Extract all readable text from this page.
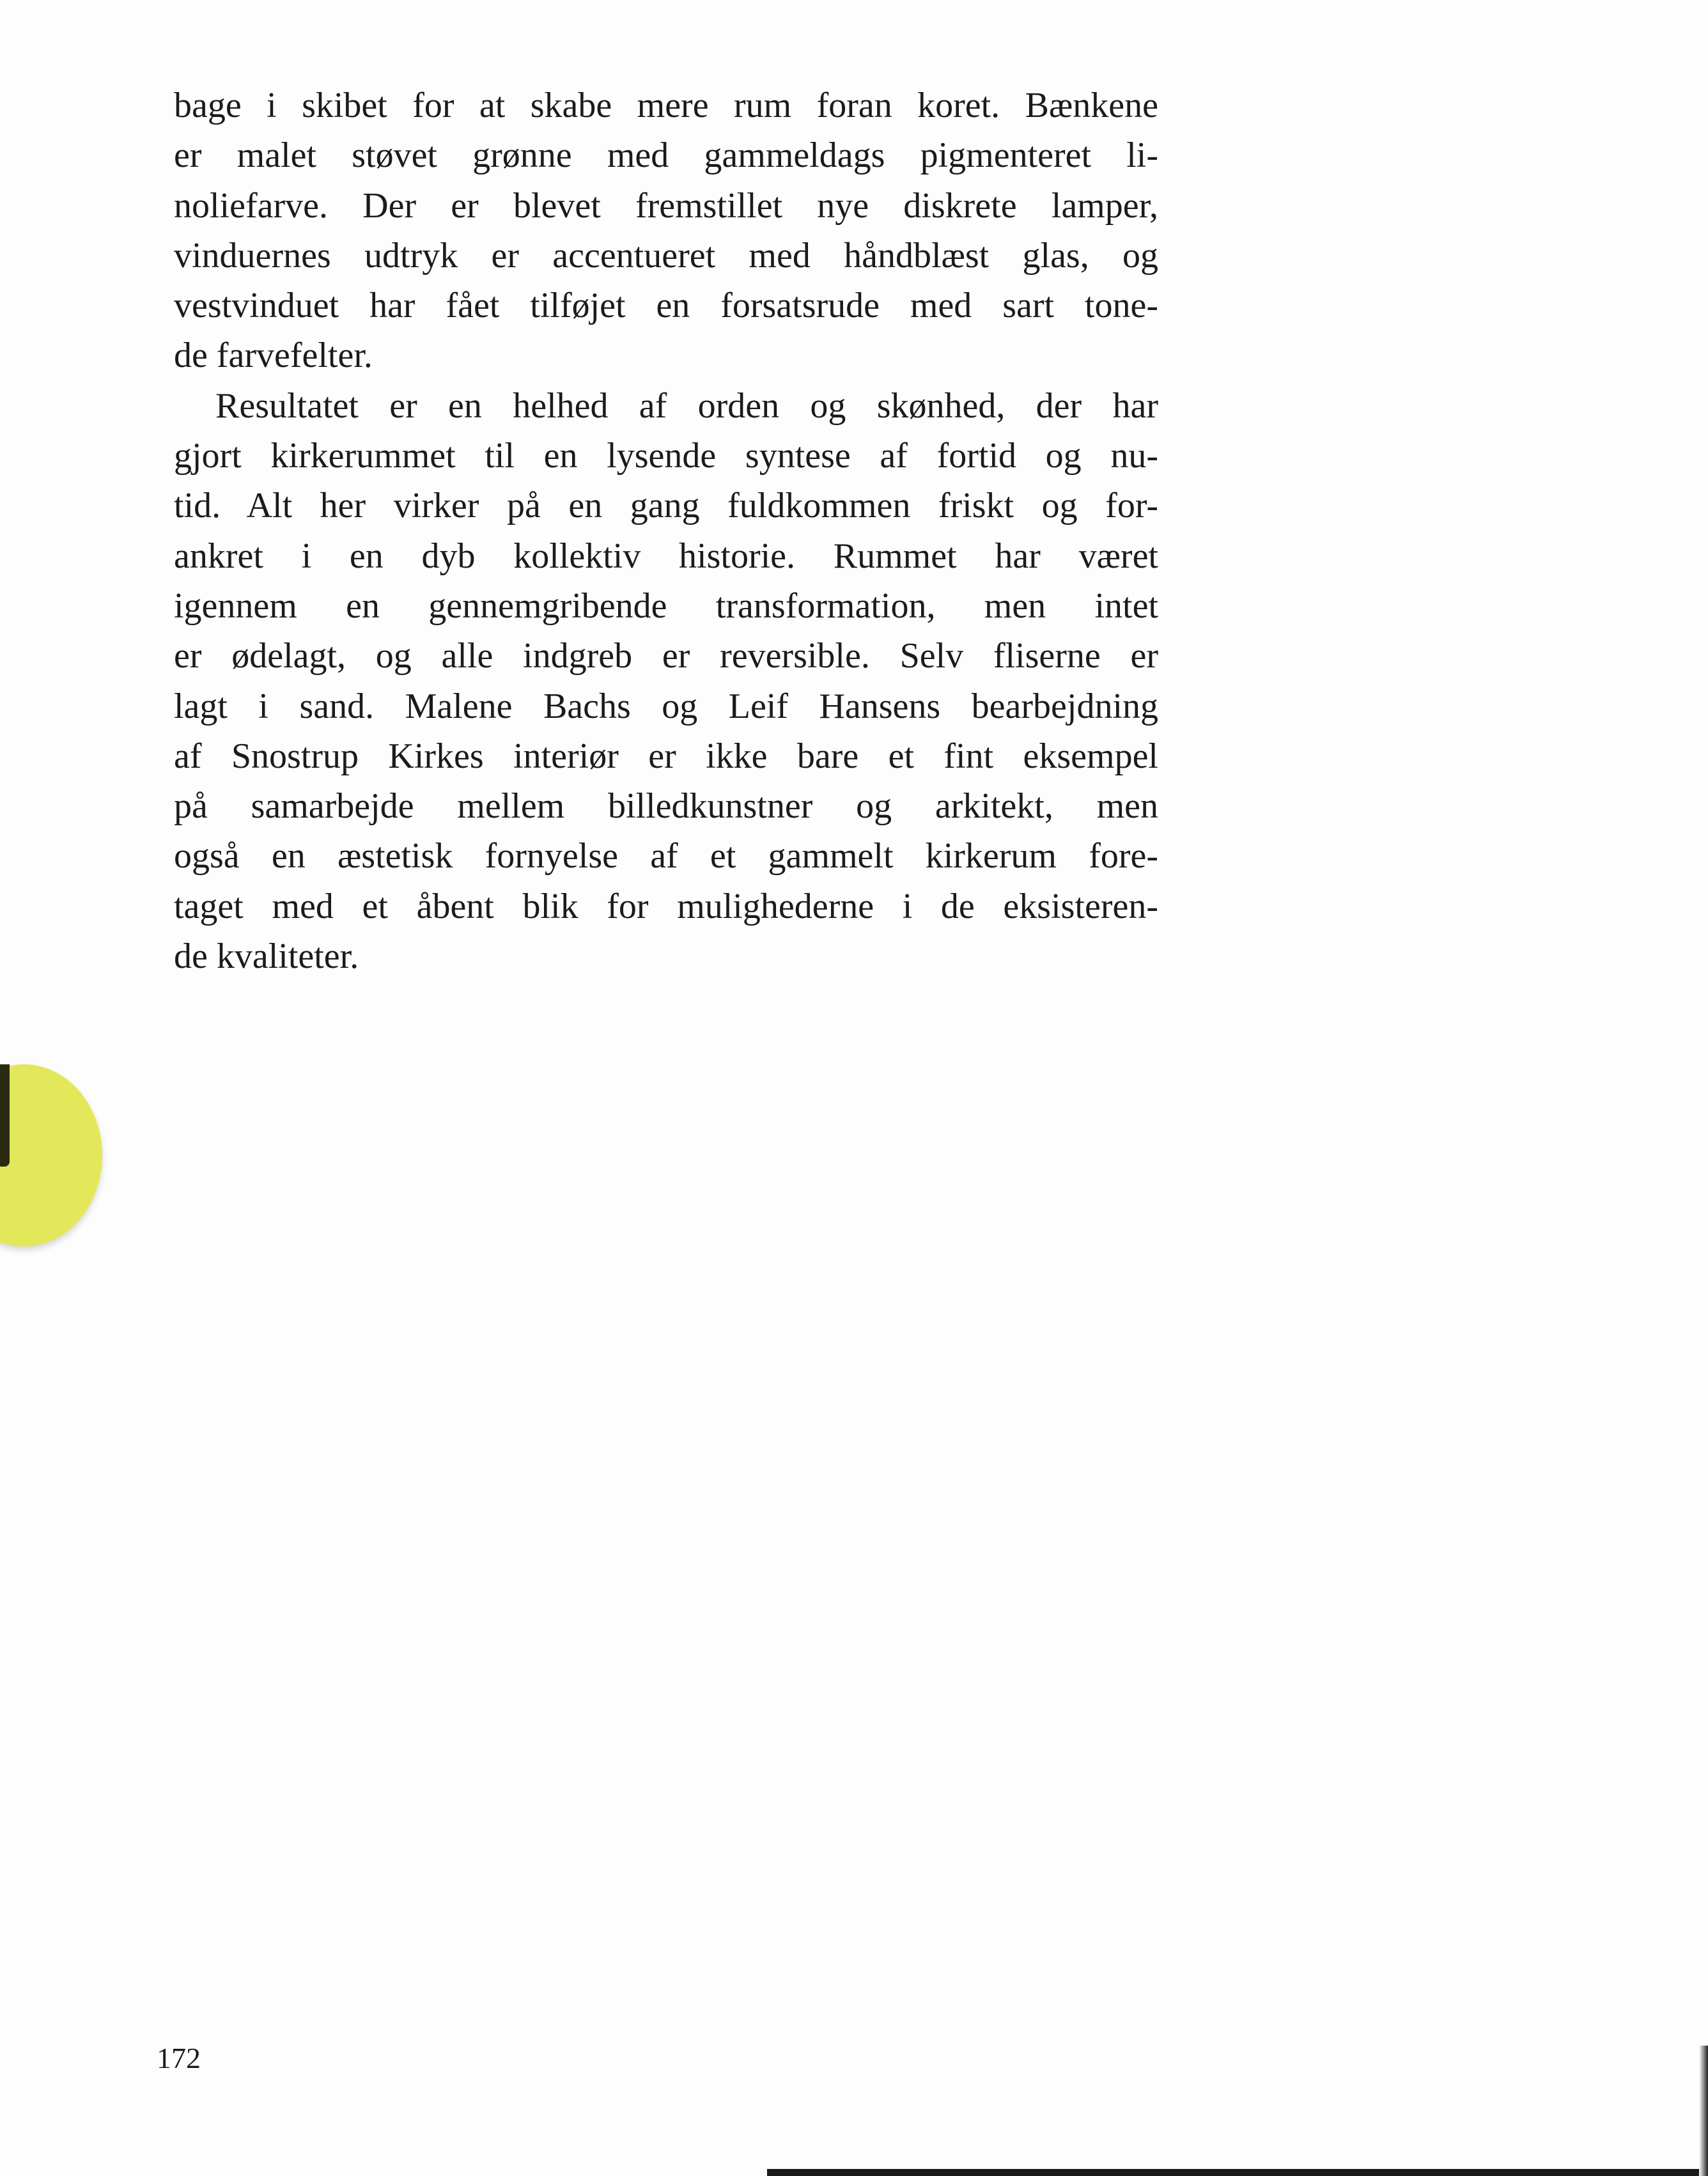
bage i skibet for at skabe mere rum foran koret. Bænkene
er malet støvet grønne med gammeldags pigmenteret li-
noliefarve. Der er blevet fremstillet nye diskrete lamper,
vinduernes udtryk er accentueret med håndblæst glas, og
vestvinduet har fået tilføjet en forsatsrude med sart tone-
de farvefelter.
Resultatet er en helhed af orden og skønhed, der har
gjort kirkerummet til en lysende syntese af fortid og nu-
tid. Alt her virker på en gang fuldkommen friskt og for-
ankret i en dyb kollektiv historie. Rummet har været
igennem en gennemgribende transformation, men intet
er ødelagt, og alle indgreb er reversible. Selv fliserne er
lagt i sand. Malene Bachs og Leif Hansens bearbejdning
af Snostrup Kirkes interiør er ikke bare et fint eksempel
på samarbejde mellem billedkunstner og arkitekt, men
også en æstetisk fornyelse af et gammelt kirkerum fore-
taget med et åbent blik for mulighederne i de eksisteren-
de kvaliteter.
172
